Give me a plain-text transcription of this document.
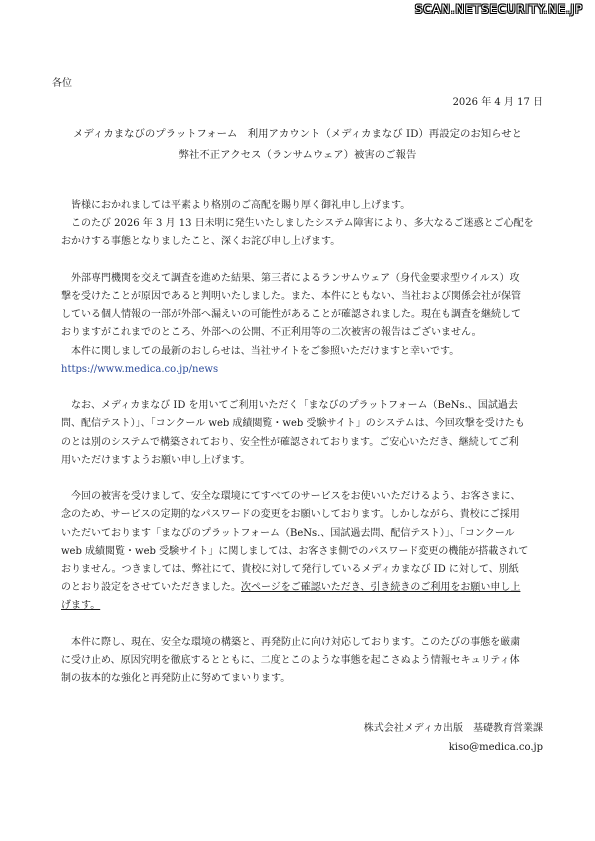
SCAN.NETSECURITY.NE.JP
各位
2026 年 4 月 17 日
メディカまなびのプラットフォーム　利用アカウント（メディカまなび ID）再設定のお知らせと
弊社不正アクセス（ランサムウェア）被害のご報告
皆様におかれましては平素より格別のご高配を賜り厚く御礼申し上げます。
このたび 2026 年 3 月 13 日未明に発生いたしましたシステム障害により、多大なるご迷惑とご心配を
おかけする事態となりましたこと、深くお詫び申し上げます。
外部専門機関を交えて調査を進めた結果、第三者によるランサムウェア（身代金要求型ウイルス）攻
撃を受けたことが原因であると判明いたしました。また、本件にともない、当社および関係会社が保管
している個人情報の一部が外部へ漏えいの可能性があることが確認されました。現在も調査を継続して
おりますがこれまでのところ、外部への公開、不正利用等の二次被害の報告はございません。
本件に関しましての最新のおしらせは、当社サイトをご参照いただけますと幸いです。
https://www.medica.co.jp/news
なお、メディカまなび ID を用いてご利用いただく「まなびのプラットフォーム（BeNs.、国試過去
問、配信テスト）」、「コンクール web 成績閲覧・web 受験サイト」のシステムは、今回攻撃を受けたも
のとは別のシステムで構築されており、安全性が確認されております。ご安心いただき、継続してご利
用いただけますようお願い申し上げます。
今回の被害を受けまして、安全な環境にてすべてのサービスをお使いいただけるよう、お客さまに、
念のため、サービスの定期的なパスワードの変更をお願いしております。しかしながら、貴校にご採用
いただいております「まなびのプラットフォーム（BeNs.、国試過去問、配信テスト）」、「コンクール
web 成績閲覧・web 受験サイト」に関しましては、お客さま側でのパスワード変更の機能が搭載されて
おりません。つきましては、弊社にて、貴校に対して発行しているメディカまなび ID に対して、別紙
のとおり設定をさせていただきました。次ページをご確認いただき、引き続きのご利用をお願い申し上
げます。
本件に際し、現在、安全な環境の構築と、再発防止に向け対応しております。このたびの事態を厳粛
に受け止め、原因究明を徹底するとともに、二度とこのような事態を起こさぬよう情報セキュリティ体
制の抜本的な強化と再発防止に努めてまいります。
株式会社メディカ出版　基礎教育営業課
kiso@medica.co.jp
